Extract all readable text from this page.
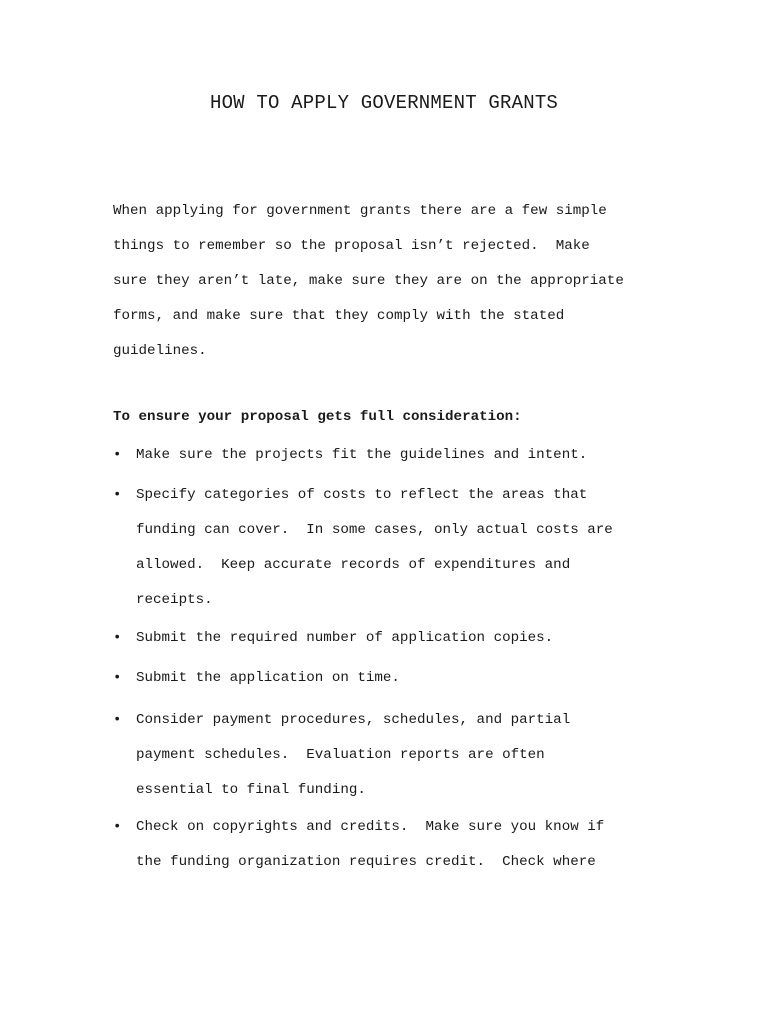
HOW TO APPLY GOVERNMENT GRANTS

When applying for government grants there are a few simple
things to remember so the proposal isn’t rejected.  Make
sure they aren’t late, make sure they are on the appropriate
forms, and make sure that they comply with the stated
guidelines.

To ensure your proposal gets full consideration:

• Make sure the projects fit the guidelines and intent.
• Specify categories of costs to reflect the areas that
funding can cover.  In some cases, only actual costs are
allowed.  Keep accurate records of expenditures and
receipts.
• Submit the required number of application copies.
• Submit the application on time.
• Consider payment procedures, schedules, and partial
payment schedules.  Evaluation reports are often
essential to final funding.
• Check on copyrights and credits.  Make sure you know if
the funding organization requires credit.  Check where
